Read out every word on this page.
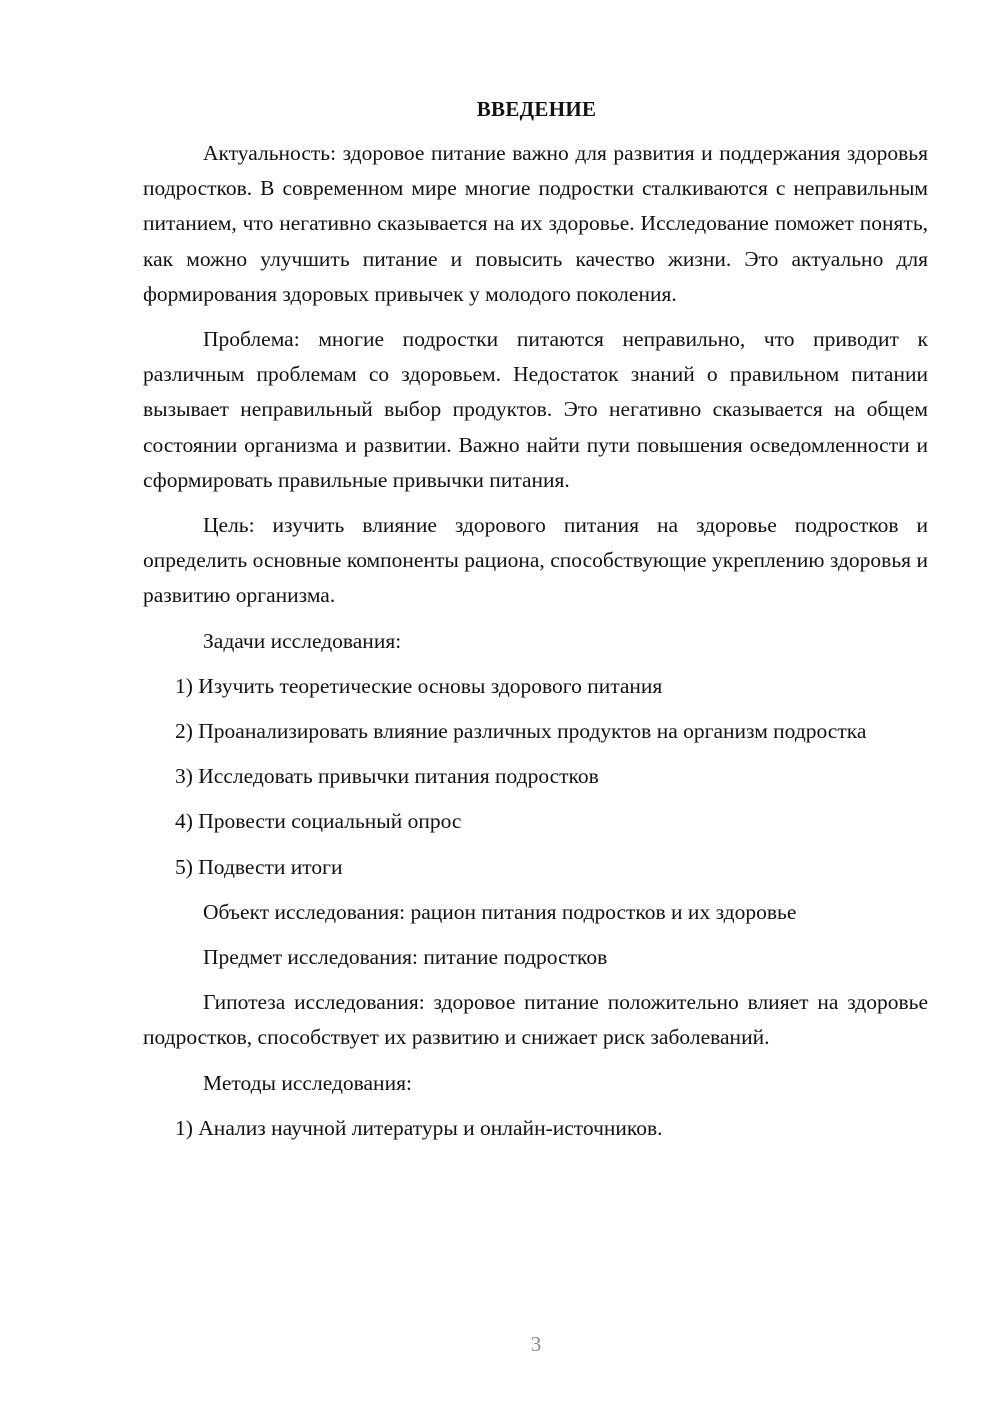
ВВЕДЕНИЕ

Актуальность: здоровое питание важно для развития и поддержания здоровья подростков. В современном мире многие подростки сталкиваются с неправильным питанием, что негативно сказывается на их здоровье. Исследование поможет понять, как можно улучшить питание и повысить качество жизни. Это актуально для формирования здоровых привычек у молодого поколения.

Проблема: многие подростки питаются неправильно, что приводит к различным проблемам со здоровьем. Недостаток знаний о правильном питании вызывает неправильный выбор продуктов. Это негативно сказывается на общем состоянии организма и развитии. Важно найти пути повышения осведомленности и сформировать правильные привычки питания.

Цель: изучить влияние здорового питания на здоровье подростков и определить основные компоненты рациона, способствующие укреплению здоровья и развитию организма.

Задачи исследования:

1) Изучить теоретические основы здорового питания

2) Проанализировать влияние различных продуктов на организм подростка

3) Исследовать привычки питания подростков

4) Провести социальный опрос

5) Подвести итоги

Объект исследования: рацион питания подростков и их здоровье

Предмет исследования: питание подростков

Гипотеза исследования: здоровое питание положительно влияет на здоровье подростков, способствует их развитию и снижает риск заболеваний.

Методы исследования:

1) Анализ научной литературы и онлайн-источников.

3
